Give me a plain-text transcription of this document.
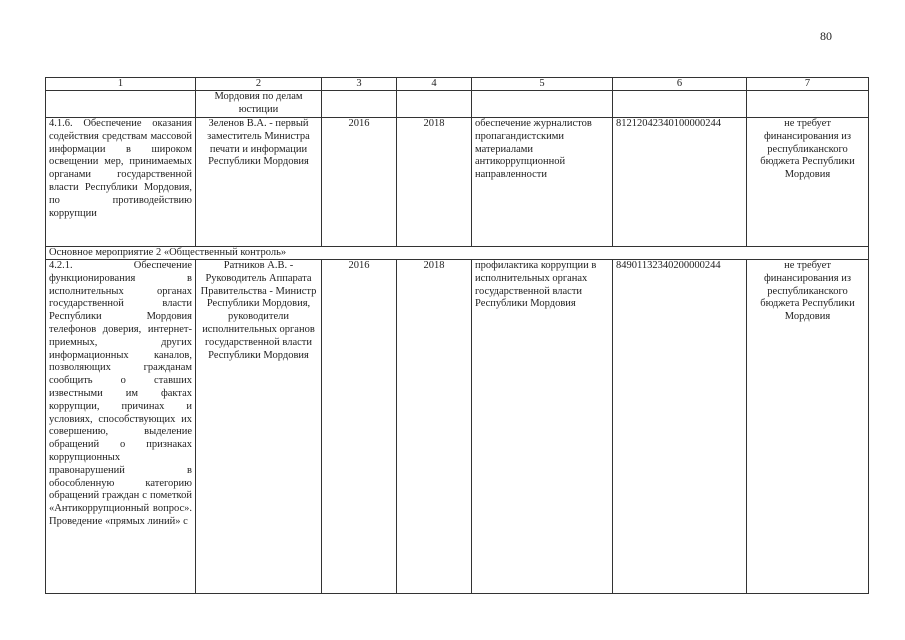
80
1	2	3	4	5	6	7
	Мордовия по делам юстиции					
4.1.6. Обеспечение оказания содействия средствам массовой информации в широком освещении мер, принимаемых органами государственной власти Республики Мордовия, по противодействию коррупции	Зеленов В.А. - первый заместитель Министра печати и информации Республики Мордовия	2016	2018	обеспечение журналистов пропагандистскими материалами антикоррупционной направленности	81212042340100000244	не требует финансирования из республиканского бюджета Республики Мордовия
Основное мероприятие 2 «Общественный контроль»						
4.2.1. Обеспечение функционирования в исполнительных органах государственной власти Республики Мордовия телефонов доверия, интернет-приемных, других информационных каналов, позволяющих гражданам сообщить о ставших известными им фактах коррупции, причинах и условиях, способствующих их совершению, выделение обращений о признаках коррупционных правонарушений в обособленную категорию обращений граждан с пометкой «Антикоррупционный вопрос». Проведение «прямых линий» с	Ратников А.В. - Руководитель Аппарата Правительства - Министр Республики Мордовия, руководители исполнительных органов государственной власти Республики Мордовия	2016	2018	профилактика коррупции в исполнительных органах государственной власти Республики Мордовия	84901132340200000244	не требует финансирования из республиканского бюджета Республики Мордовия
